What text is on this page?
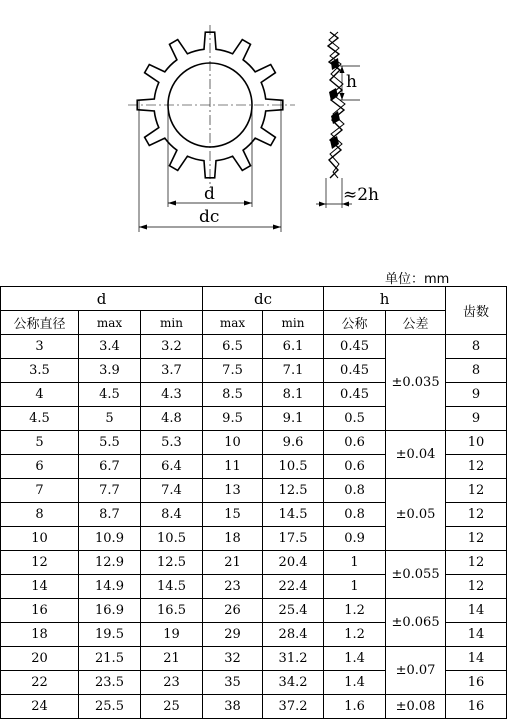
d
dc
h
≈2h
单位：mm
d			dc		h		齿数
公称直径	max	min	max	min	公称	公差	
3	3.4	3.2	6.5	6.1	0.45	±0.035	8
3.5	3.9	3.7	7.5	7.1	0.45		8
4	4.5	4.3	8.5	8.1	0.45		9
4.5	5	4.8	9.5	9.1	0.5		9
5	5.5	5.3	10	9.6	0.6	±0.04	10
6	6.7	6.4	11	10.5	0.6		12
7	7.7	7.4	13	12.5	0.8	±0.05	12
8	8.7	8.4	15	14.5	0.8		12
10	10.9	10.5	18	17.5	0.9		12
12	12.9	12.5	21	20.4	1	±0.055	12
14	14.9	14.5	23	22.4	1		12
16	16.9	16.5	26	25.4	1.2	±0.065	14
18	19.5	19	29	28.4	1.2		14
20	21.5	21	32	31.2	1.4	±0.07	14
22	23.5	23	35	34.2	1.4		16
24	25.5	25	38	37.2	1.6	±0.08	16
